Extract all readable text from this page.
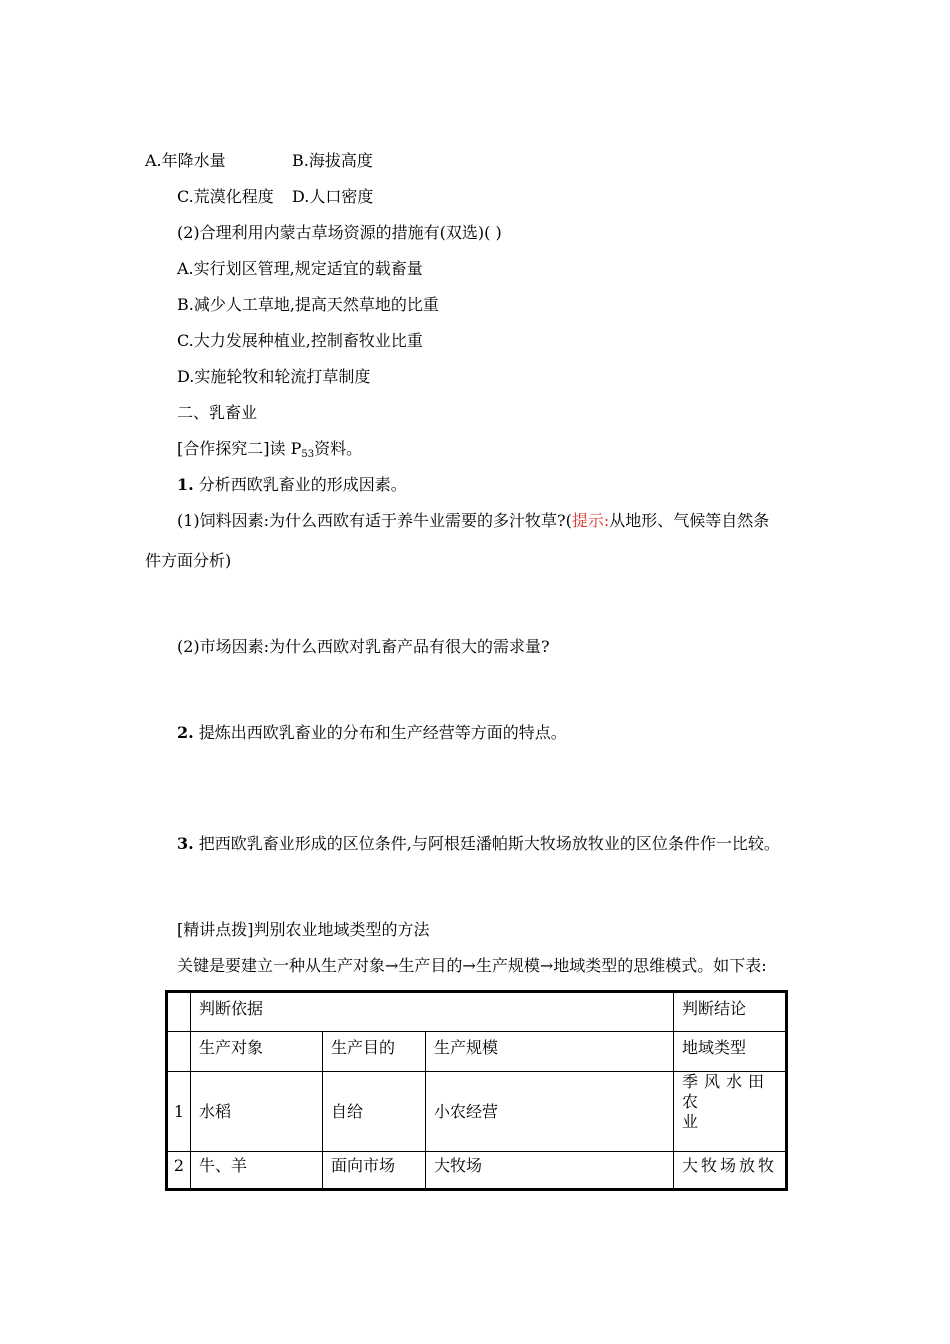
A.年降水量	B.海拔高度
C.荒漠化程度 D.人口密度
(2)合理利用内蒙古草场资源的措施有(双选)( )
A.实行划区管理,规定适宜的载畜量
B.减少人工草地,提高天然草地的比重
C.大力发展种植业,控制畜牧业比重
D.实施轮牧和轮流打草制度
二、乳畜业
[合作探究二]读 $P_{53}$资料。
1. 分析西欧乳畜业的形成因素。
(1)饲料因素:为什么西欧有适于养牛业需要的多汁牧草?(提示:从地形、气候等自然条
件方面分析)
(2)市场因素:为什么西欧对乳畜产品有很大的需求量?
2. 提炼出西欧乳畜业的分布和生产经营等方面的特点。
3. 把西欧乳畜业形成的区位条件,与阿根廷潘帕斯大牧场放牧业的区位条件作一比较。
[精讲点拨]判别农业地域类型的方法
关键是要建立一种从生产对象→生产目的→生产规模→地域类型的思维模式。如下表:
	判断依据			判断结论
	生产对象	生产目的	生产规模	地域类型
1	水稻	自给	小农经营	季风水田农
业
2	牛、羊	面向市场	大牧场	大牧场放牧
